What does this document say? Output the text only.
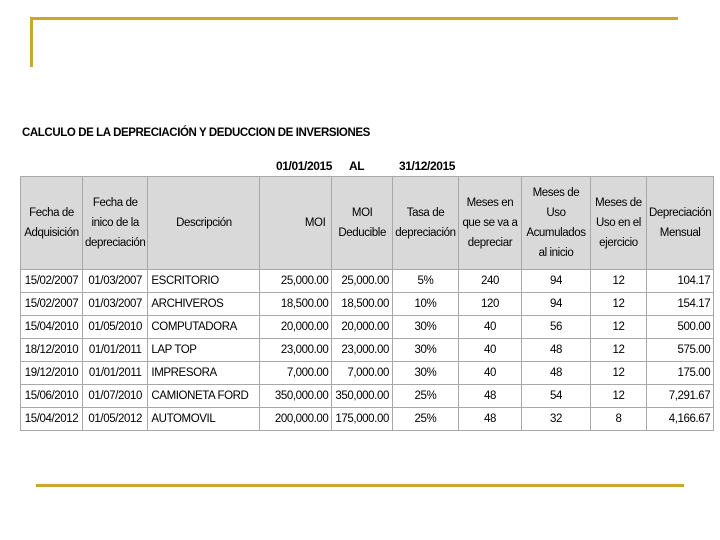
CALCULO DE LA DEPRECIACIÓN Y DEDUCCION DE INVERSIONES
01/01/2015 AL	31/12/2015
Fecha de Adquisición	Fecha de inico de la depreciación	Descripción	MOI	MOI Deducible	Tasa de depreciación	Meses en que se va a depreciar	Meses de Uso Acumulados al inicio	Meses de Uso en el ejercicio	Depreciación Mensual
15/02/2007	01/03/2007	ESCRITORIO	25,000.00	25,000.00	5%	240	94	12	104.17
15/02/2007	01/03/2007	ARCHIVEROS	18,500.00	18,500.00	10%	120	94	12	154.17
15/04/2010	01/05/2010	COMPUTADORA	20,000.00	20,000.00	30%	40	56	12	500.00
18/12/2010	01/01/2011	LAP TOP	23,000.00	23,000.00	30%	40	48	12	575.00
19/12/2010	01/01/2011	IMPRESORA	7,000.00	7,000.00	30%	40	48	12	175.00
15/06/2010	01/07/2010	CAMIONETA FORD	350,000.00	350,000.00	25%	48	54	12	7,291.67
15/04/2012	01/05/2012	AUTOMOVIL	200,000.00	175,000.00	25%	48	32	8	4,166.67
